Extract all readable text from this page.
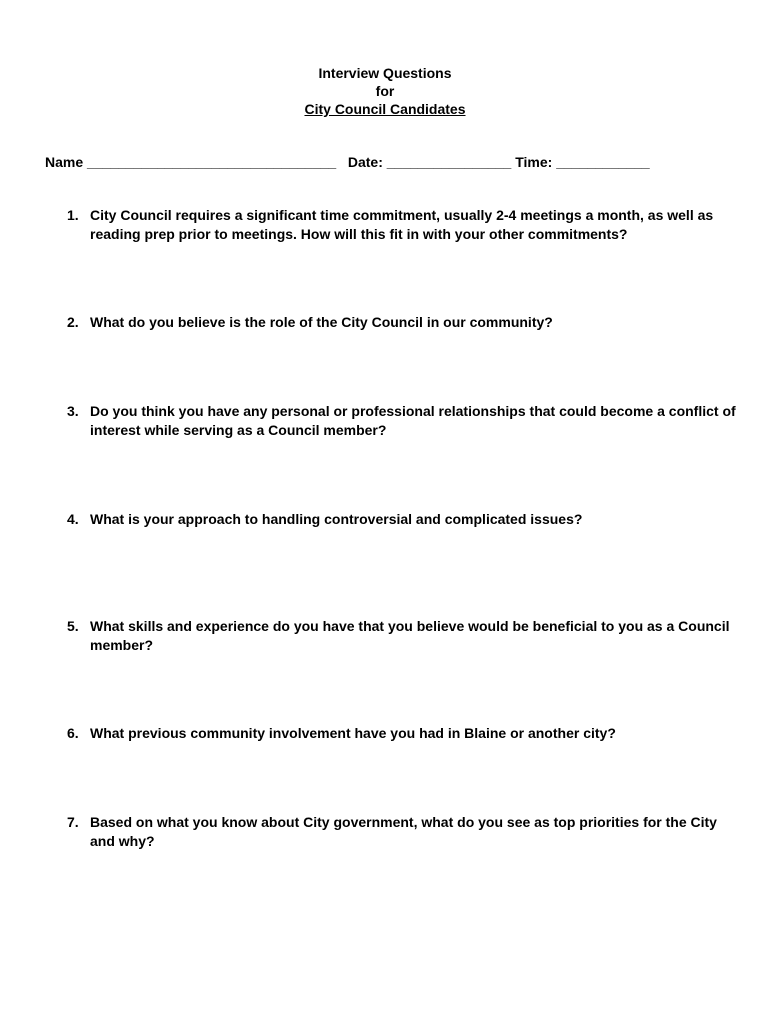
Interview Questions
for
City Council Candidates
Name ________________________________ Date: ________________ Time: ____________
1. City Council requires a significant time commitment, usually 2-4 meetings a month, as well as reading prep prior to meetings. How will this fit in with your other commitments?
2. What do you believe is the role of the City Council in our community?
3. Do you think you have any personal or professional relationships that could become a conflict of interest while serving as a Council member?
4. What is your approach to handling controversial and complicated issues?
5. What skills and experience do you have that you believe would be beneficial to you as a Council member?
6. What previous community involvement have you had in Blaine or another city?
7. Based on what you know about City government, what do you see as top priorities for the City and why?
